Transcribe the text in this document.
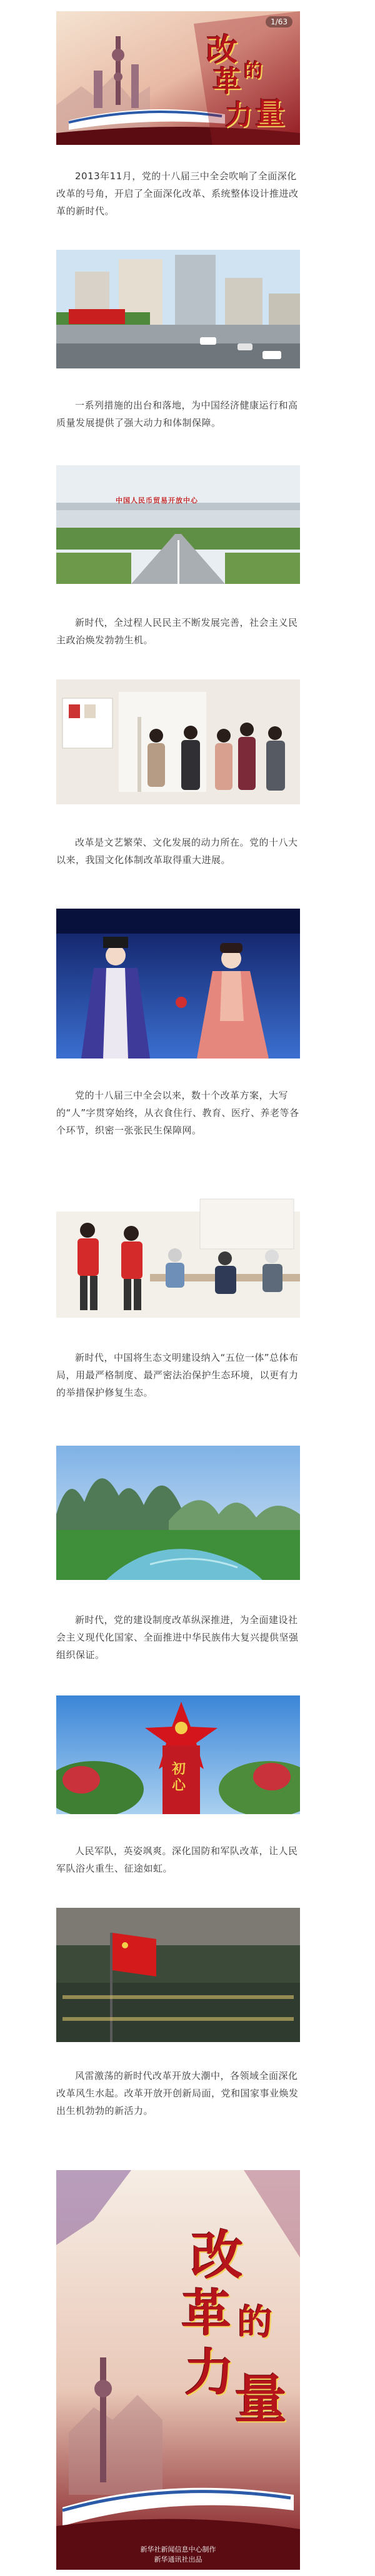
1/63
改
革 的
力 量

2013年11月，党的十八届三中全会吹响了全面深化改革的号角，开启了全面深化改革、系统整体设计推进改革的新时代。

一系列措施的出台和落地，为中国经济健康运行和高质量发展提供了强大动力和体制保障。

中国人民币贸易开放中心

新时代，全过程人民民主不断发展完善，社会主义民主政治焕发勃勃生机。

改革是文艺繁荣、文化发展的动力所在。党的十八大以来，我国文化体制改革取得重大进展。

党的十八届三中全会以来，数十个改革方案，大写的“人”字贯穿始终，从衣食住行、教育、医疗、养老等各个环节，织密一张张民生保障网。

新时代，中国将生态文明建设纳入“五位一体”总体布局，用最严格制度、最严密法治保护生态环境，以更有力的举措保护修复生态。

新时代，党的建设制度改革纵深推进，为全面建设社会主义现代化国家、全面推进中华民族伟大复兴提供坚强组织保证。

初心

人民军队，英姿飒爽。深化国防和军队改革，让人民军队浴火重生、征途如虹。

风雷激荡的新时代改革开放大潮中，各领域全面深化改革风生水起。改革开放开创新局面，党和国家事业焕发出生机勃勃的新活力。

改
革 的
力 量
新华社新闻信息中心制作
新华通讯社出品
